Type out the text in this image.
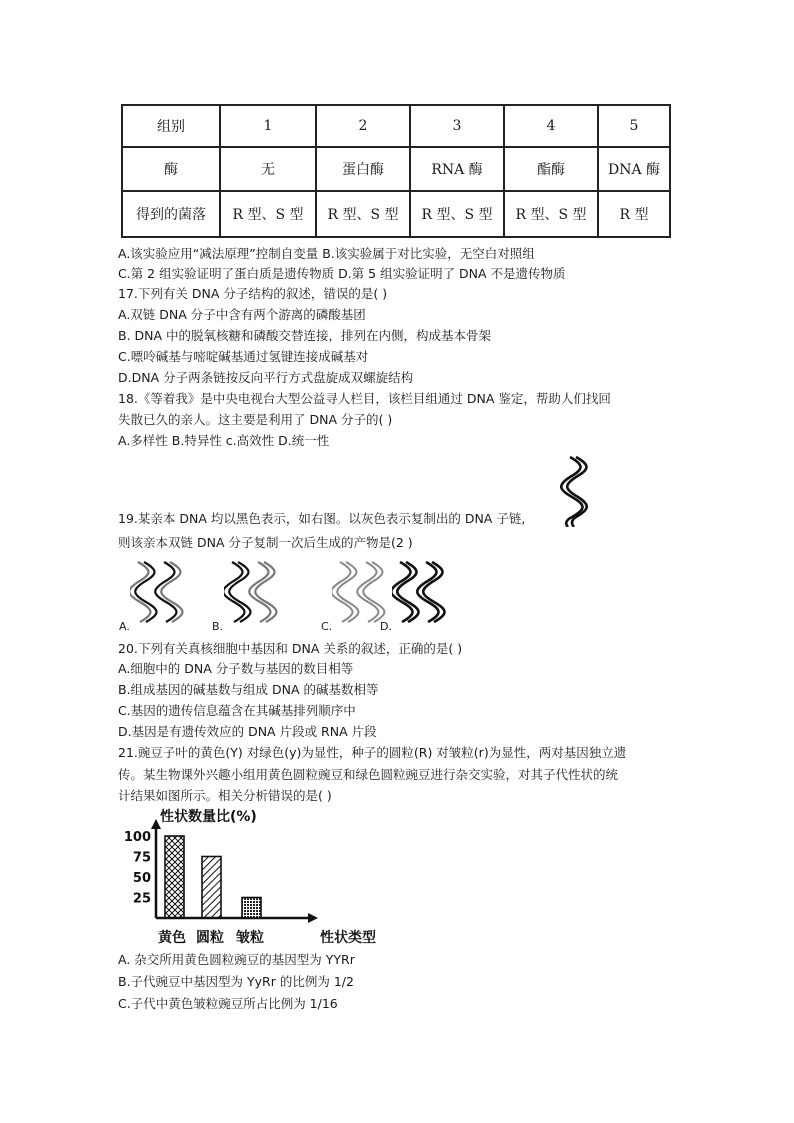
组别	1	2	3	4	5
酶	无	蛋白酶	RNA 酶	酯酶	DNA 酶
得到的菌落	R 型、S 型	R 型、S 型	R 型、S 型	R 型、S 型	R 型
A.该实验应用“减法原理”控制自变量 B.该实验属于对比实验，无空白对照组
C.第 2 组实验证明了蛋白质是遗传物质 D.第 5 组实验证明了 DNA 不是遗传物质
17.下列有关 DNA 分子结构的叙述，错误的是( )
A.双链 DNA 分子中含有两个游离的磷酸基团
B. DNA 中的脱氧核糖和磷酸交替连接，排列在内侧，构成基本骨架
C.嘌呤碱基与嘧啶碱基通过氢键连接成碱基对
D.DNA 分子两条链按反向平行方式盘旋成双螺旋结构
18.《等着我》是中央电视台大型公益寻人栏目，该栏目组通过 DNA 鉴定，帮助人们找回
失散已久的亲人。这主要是利用了 DNA 分子的( )
A.多样性 B.特异性 c.高效性 D.统一性
19.某亲本 DNA 均以黑色表示，如右图。以灰色表示复制出的 DNA 子链,
则该亲本双链 DNA 分子复制一次后生成的产物是(2 )
A.	B.	C.	D.
20.下列有关真核细胞中基因和 DNA 关系的叙述，正确的是( )
A.细胞中的 DNA 分子数与基因的数目相等
B.组成基因的碱基数与组成 DNA 的碱基数相等
C.基因的遗传信息蕴含在其碱基排列顺序中
D.基因是有遗传效应的 DNA 片段或 RNA 片段
21.豌豆子叶的黄色(Y) 对绿色(y)为显性，种子的圆粒(R) 对皱粒(r)为显性，两对基因独立遗
传。某生物课外兴趣小组用黄色圆粒豌豆和绿色圆粒豌豆进行杂交实验，对其子代性状的统
计结果如图所示。相关分析错误的是( )
性状数量比(%)
100
75
50
25
黄色 圆粒 皱粒	性状类型
A. 杂交所用黄色圆粒豌豆的基因型为 YYRr
B.子代豌豆中基因型为 YyRr 的比例为 1/2
C.子代中黄色皱粒豌豆所占比例为 1/16
